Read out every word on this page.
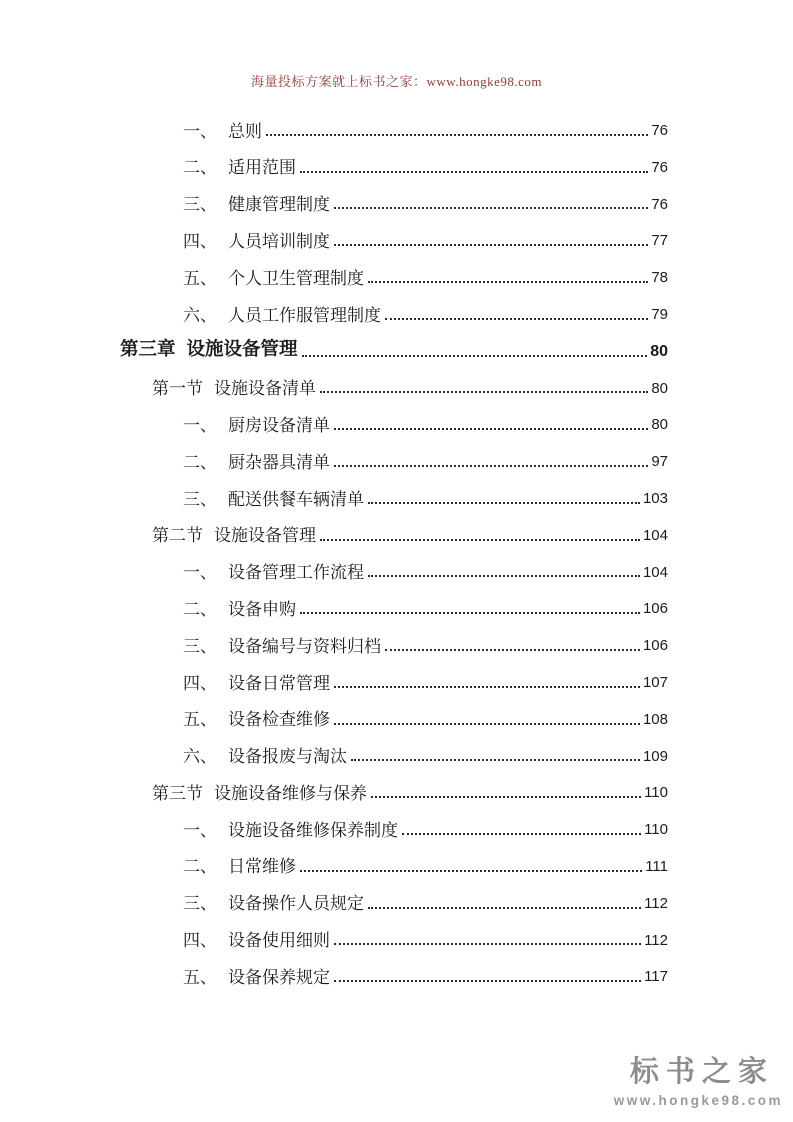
海量投标方案就上标书之家：www.hongke98.com
一、 总则	76
二、 适用范围	76
三、 健康管理制度	76
四、 人员培训制度	77
五、 个人卫生管理制度	78
六、 人员工作服管理制度	79
第三章 设施设备管理	80
第一节 设施设备清单	80
一、 厨房设备清单	80
二、 厨杂器具清单	97
三、 配送供餐车辆清单	103
第二节 设施设备管理	104
一、 设备管理工作流程	104
二、 设备申购	106
三、 设备编号与资料归档	106
四、 设备日常管理	107
五、 设备检查维修	108
六、 设备报废与淘汰	109
第三节 设施设备维修与保养	110
一、 设施设备维修保养制度	110
二、 日常维修	111
三、 设备操作人员规定	112
四、 设备使用细则	112
五、 设备保养规定	117
标书之家
www.hongke98.com
